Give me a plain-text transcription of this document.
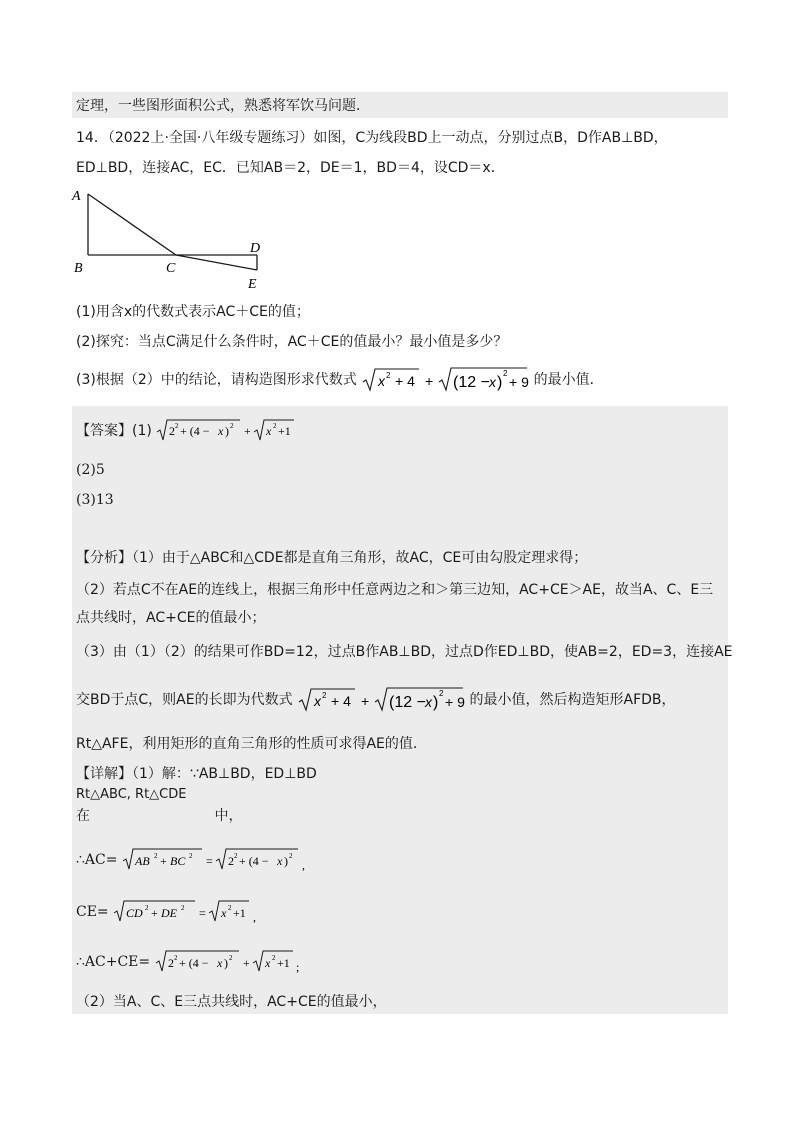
定理，一些图形面积公式，熟悉将军饮马问题．
14．（2022上·全国·八年级专题练习）如图，C为线段BD上一动点，分别过点B，D作AB⊥BD，
ED⊥BD，连接AC，EC．已知AB＝2，DE＝1，BD＝4，设CD＝x．
A
B	C
D
E
(1)用含x的代数式表示AC＋CE的值；
(2)探究：当点C满足什么条件时，AC＋CE的值最小？最小值是多少？
(3)根据（2）中的结论，请构造图形求代数式 x 2 + 4 + (12 − x )
2
+ 9 的最小值．
【答案】(1) 2 2 + (4 − x ) 2 + x 2 +1
(2)5
(3)13
【分析】（1）由于△ABC和△CDE都是直角三角形，故AC，CE可由勾股定理求得；
（2）若点C不在AE的连线上，根据三角形中任意两边之和＞第三边知，AC+CE＞AE，故当A、C、E三
点共线时，AC+CE的值最小；
（3）由（1）（2）的结果可作BD=12，过点B作AB⊥BD，过点D作ED⊥BD，使AB=2，ED=3，连接AE
交BD于点C，则AE的长即为代数式 x 2 + 4 + (12 − x )
2
+ 9 的最小值，然后构造矩形AFDB，
Rt△AFE，利用矩形的直角三角形的性质可求得AE的值．
【详解】（1）解：∵AB⊥BD，ED⊥BD
Rt△ABC, Rt△CDE
在	中，
∴AC= AB 2 + BC 2 = 2 2 + (4 − x ) 2
,
CE= CD 2 + DE 2 = x 2 +1 ,
∴AC+CE= 2 2 + (4 − x ) 2 + x 2 +1 ;
（2）当A、C、E三点共线时，AC+CE的值最小，
